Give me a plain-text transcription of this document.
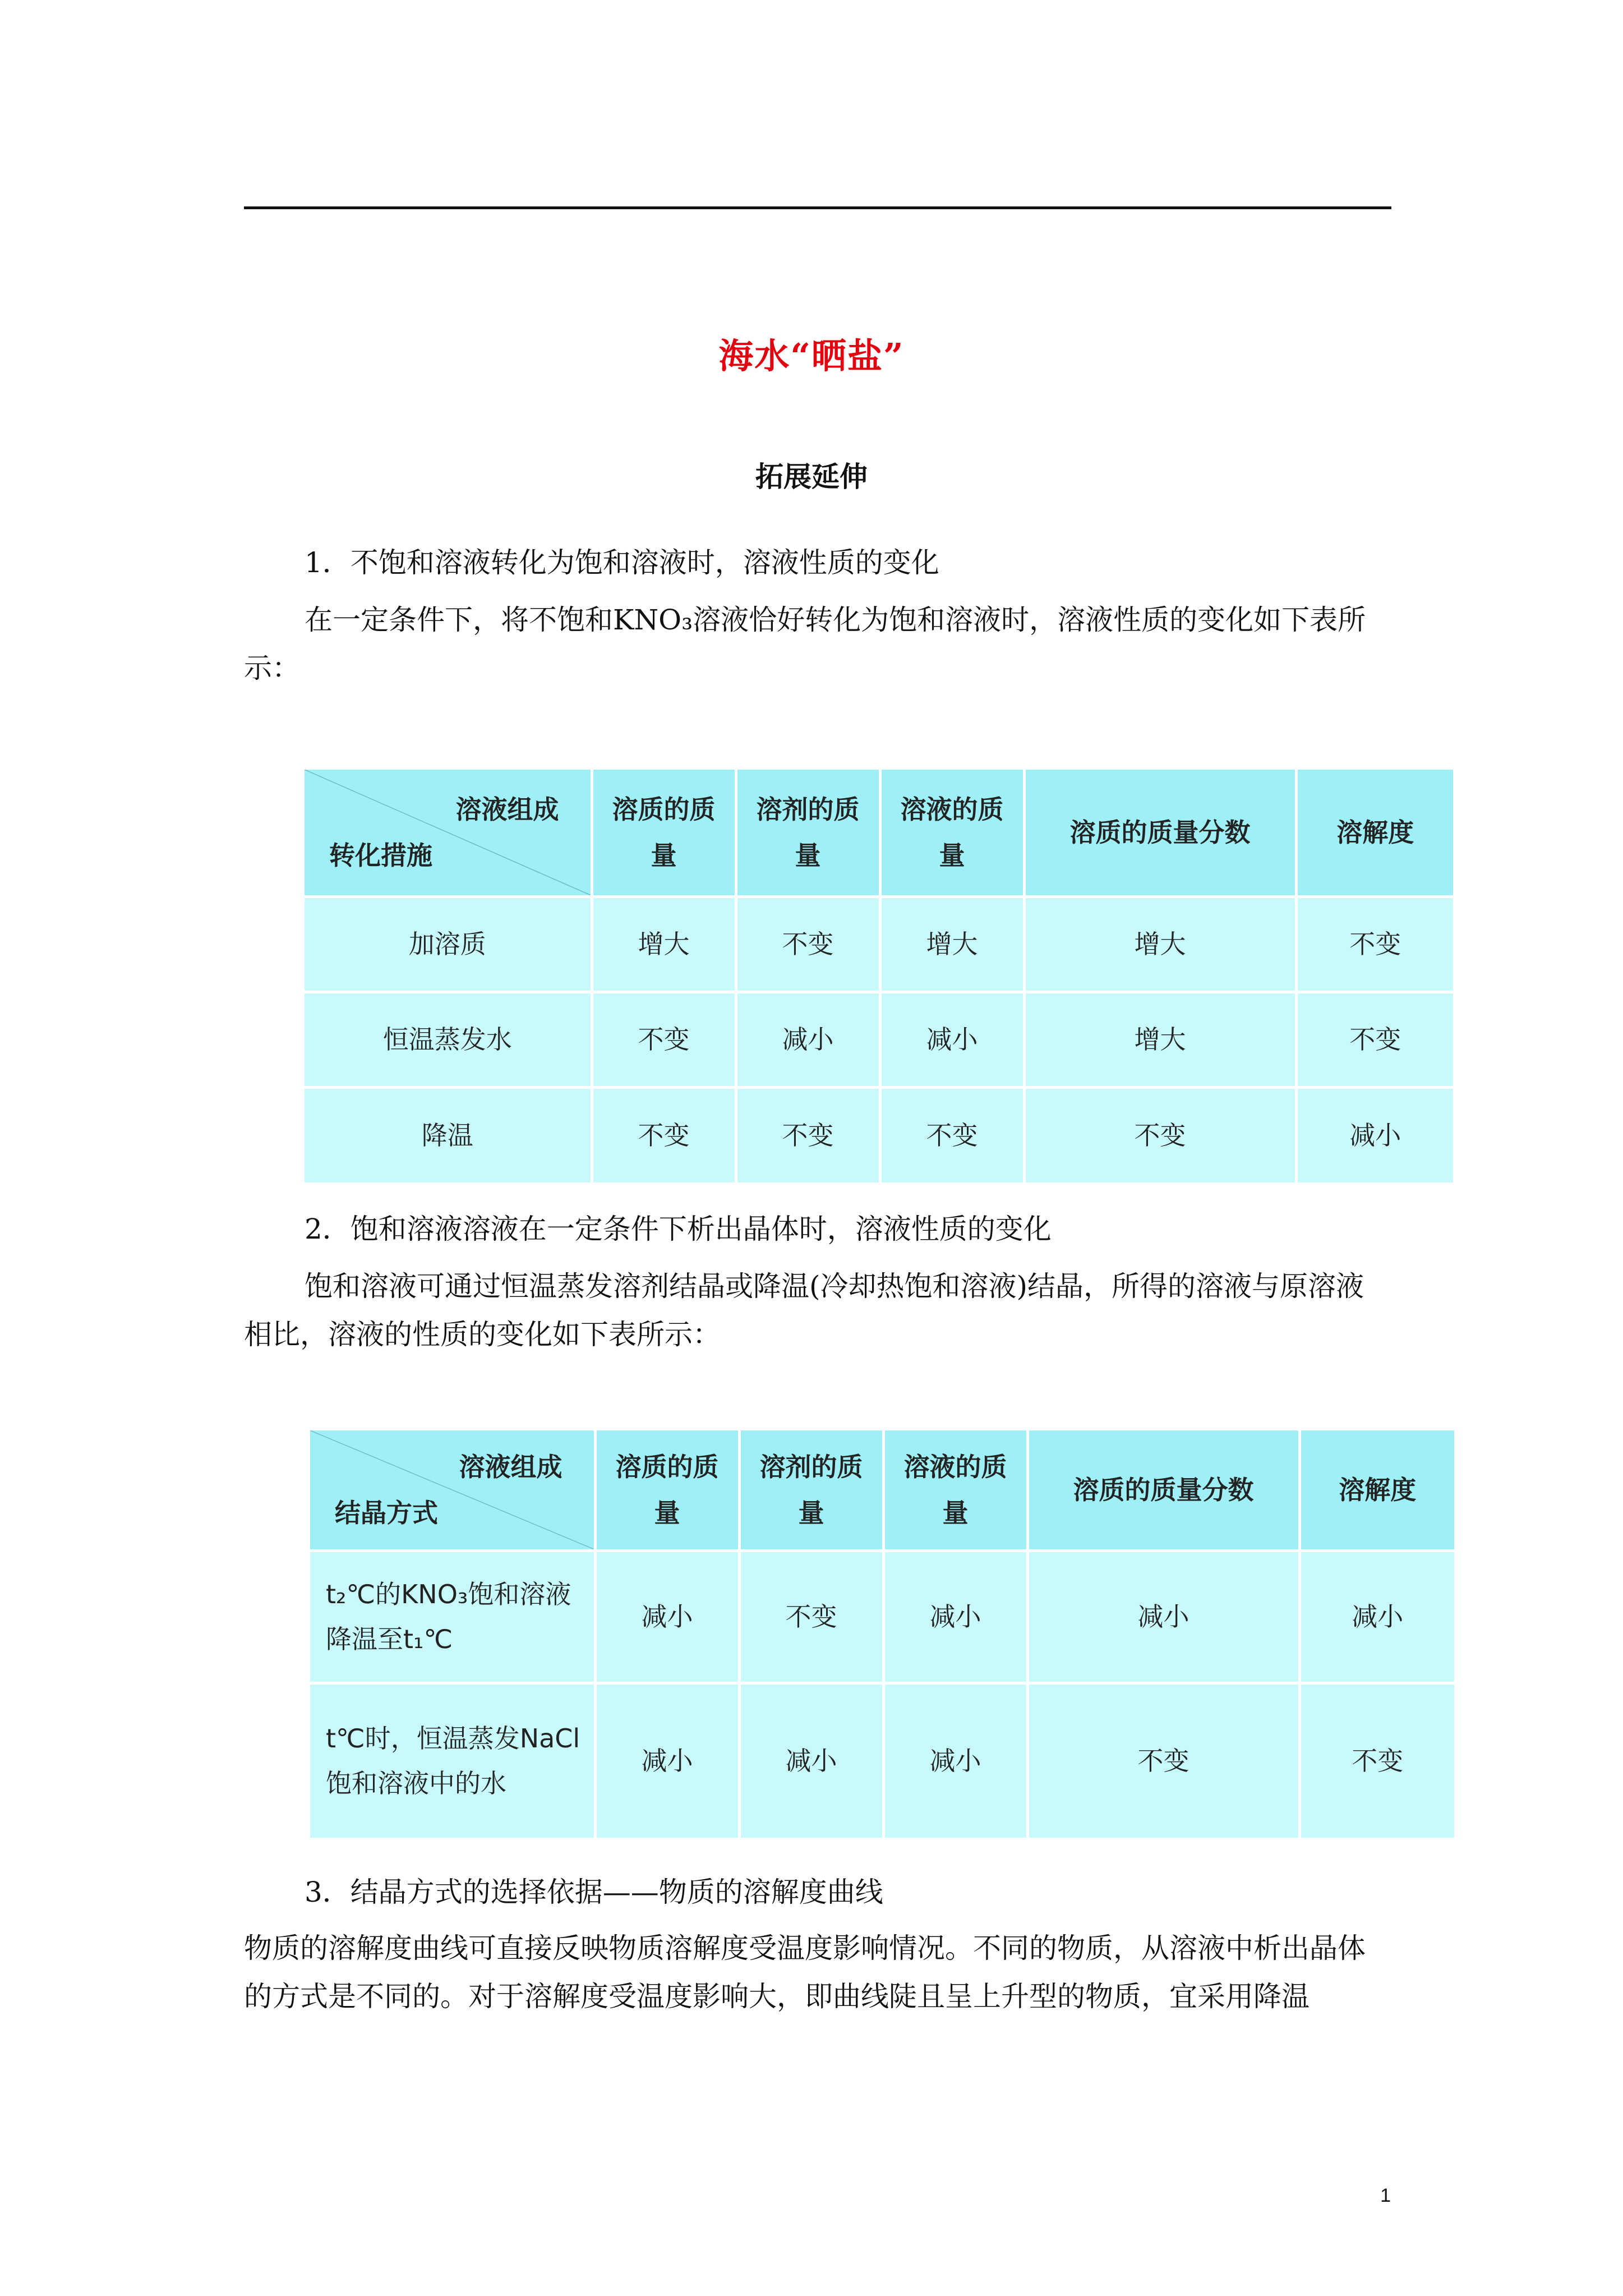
海水“晒盐”
拓展延伸
1．不饱和溶液转化为饱和溶液时，溶液性质的变化
在一定条件下，将不饱和KNO₃溶液恰好转化为饱和溶液时，溶液性质的变化如下表所示：
溶液组成
转化措施	溶质的质量	溶剂的质量	溶液的质量	溶质的质量分数	溶解度
加溶质	增大	不变	增大	增大	不变
恒温蒸发水	不变	减小	减小	增大	不变
降温	不变	不变	不变	不变	减小
2．饱和溶液溶液在一定条件下析出晶体时，溶液性质的变化
饱和溶液可通过恒温蒸发溶剂结晶或降温(冷却热饱和溶液)结晶，所得的溶液与原溶液相比，溶液的性质的变化如下表所示：
溶液组成
结晶方式	溶质的质量	溶剂的质量	溶液的质量	溶质的质量分数	溶解度
t₂℃的KNO₃饱和溶液降温至t₁℃	减小	不变	减小	减小	减小
t℃时，恒温蒸发NaCl饱和溶液中的水	减小	减小	减小	不变	不变
3．结晶方式的选择依据——物质的溶解度曲线
物质的溶解度曲线可直接反映物质溶解度受温度影响情况。不同的物质，从溶液中析出晶体的方式是不同的。对于溶解度受温度影响大，即曲线陡且呈上升型的物质，宜采用降温
1
